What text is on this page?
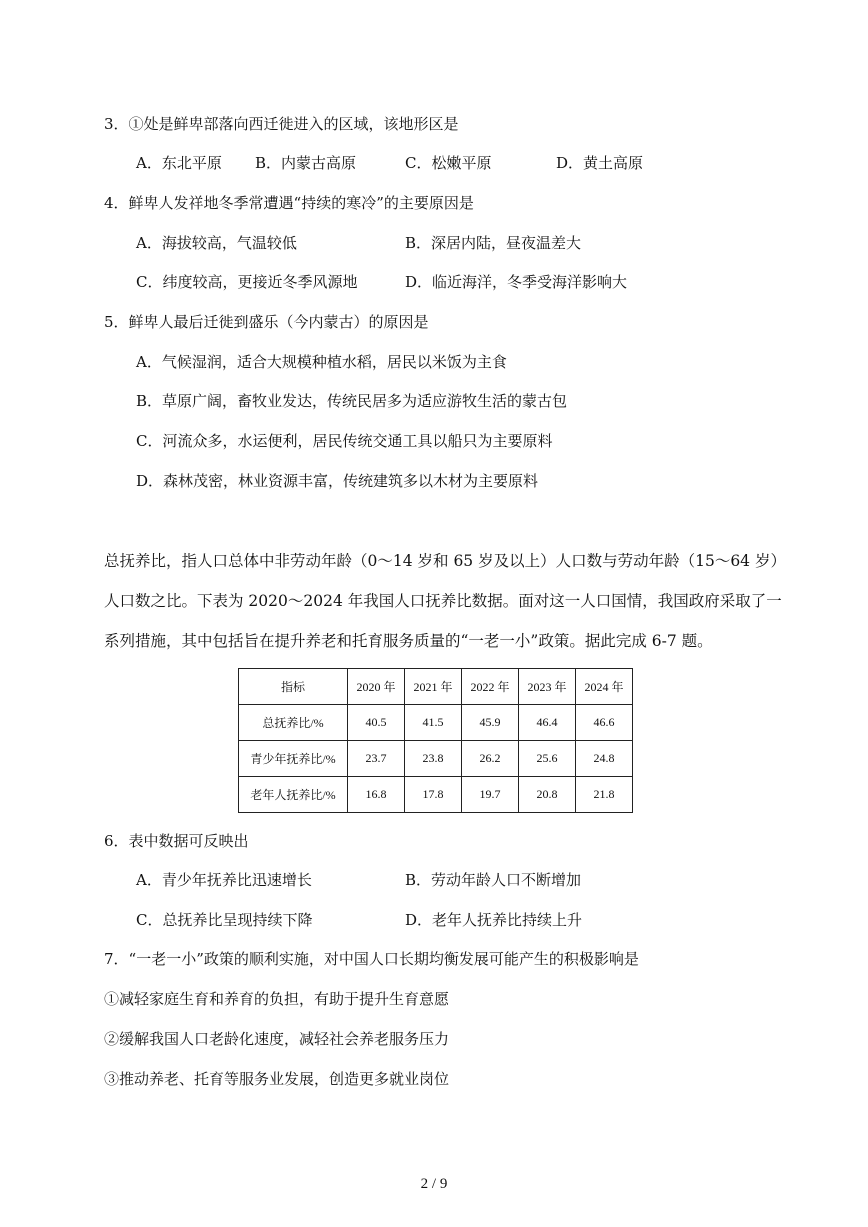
3．①处是鲜卑部落向西迁徙进入的区域，该地形区是
A．东北平原 B．内蒙古高原	C．松嫩平原	D．黄土高原
4．鲜卑人发祥地冬季常遭遇“持续的寒冷”的主要原因是
A．海拔较高，气温较低	B．深居内陆，昼夜温差大
C．纬度较高，更接近冬季风源地	D．临近海洋，冬季受海洋影响大
5．鲜卑人最后迁徙到盛乐（今内蒙古）的原因是
A．气候湿润，适合大规模种植水稻，居民以米饭为主食
B．草原广阔，畜牧业发达，传统民居多为适应游牧生活的蒙古包
C．河流众多，水运便利，居民传统交通工具以船只为主要原料
D．森林茂密，林业资源丰富，传统建筑多以木材为主要原料
总抚养比，指人口总体中非劳动年龄（0～14 岁和 65 岁及以上）人口数与劳动年龄（15～64 岁）
人口数之比。下表为 2020～2024 年我国人口抚养比数据。面对这一人口国情，我国政府采取了一
系列措施，其中包括旨在提升养老和托育服务质量的“一老一小”政策。据此完成 6-7 题。
指标	2020 年	2021 年	2022 年	2023 年	2024 年
总抚养比/%	40.5	41.5	45.9	46.4	46.6
青少年抚养比/%	23.7	23.8	26.2	25.6	24.8
老年人抚养比/%	16.8	17.8	19.7	20.8	21.8
6．表中数据可反映出
A．青少年抚养比迅速增长	B．劳动年龄人口不断增加
C．总抚养比呈现持续下降	D．老年人抚养比持续上升
7．“一老一小”政策的顺利实施，对中国人口长期均衡发展可能产生的积极影响是
①减轻家庭生育和养育的负担，有助于提升生育意愿
②缓解我国人口老龄化速度，减轻社会养老服务压力
③推动养老、托育等服务业发展，创造更多就业岗位
2 / 9
